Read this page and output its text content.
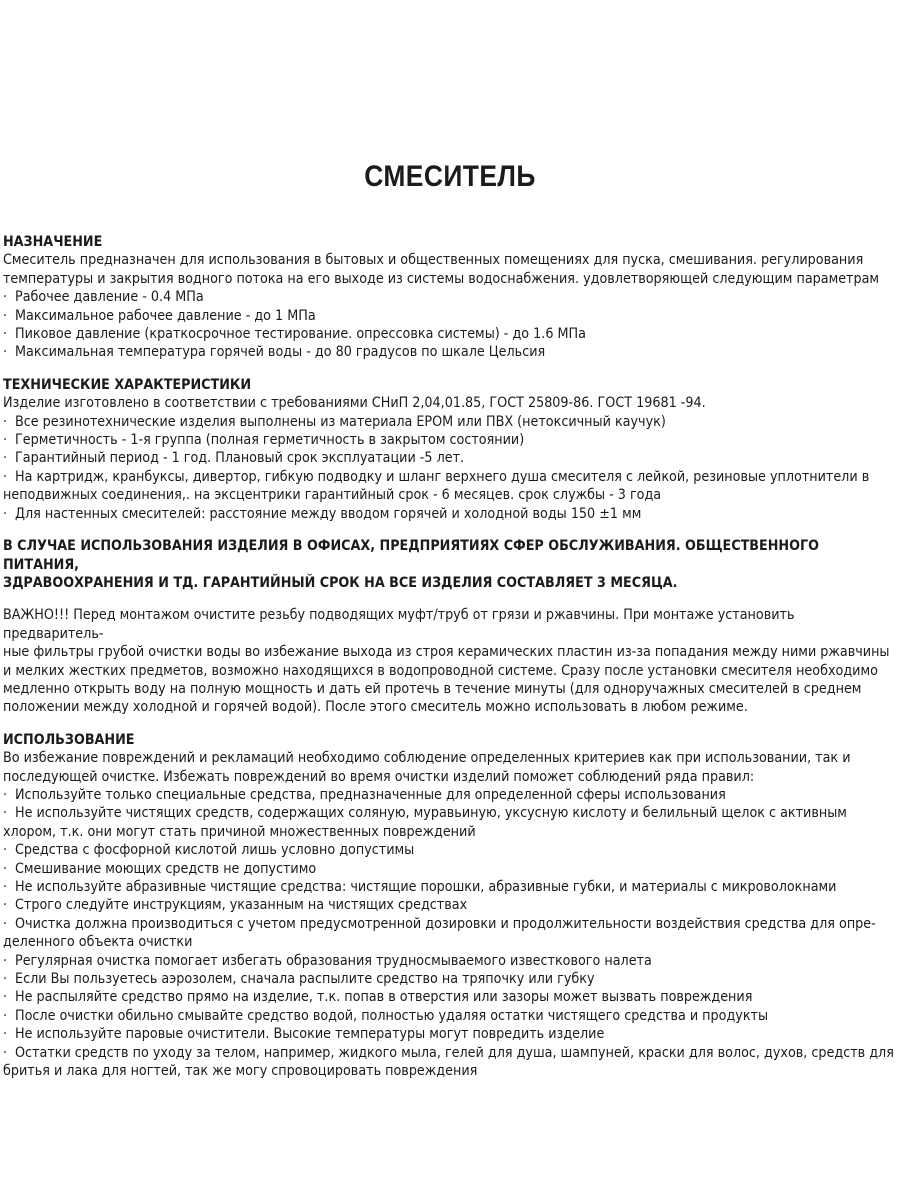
СМЕСИТЕЛЬ

НАЗНАЧЕНИЕ

Смеситель предназначен для использования в бытовых и общественных помещениях для пуска, смешивания. регулирования

температуры и закрытия водного потока на его выходе из системы водоснабжения. удовлетворяющей следующим параметрам

· Рабочее давление - 0.4 МПа

· Максимальное рабочее давление - до 1 МПа

· Пиковое давление (краткосрочное тестирование. опрессовка системы) - до 1.6 МПа

· Максимальная температура горячей воды - до 80 градусов по шкале Цельсия

ТЕХНИЧЕСКИЕ ХАРАКТЕРИСТИКИ

Изделие изготовлено в соответствии с требованиями СНиП 2,04,01.85, ГОСТ 25809-86. ГОСТ 19681 -94.

· Все резинотехнические изделия выполнены из материала ЕРОМ или ПВХ (нетоксичный каучук)

· Герметичность - 1-я группа (полная герметичность в закрытом состоянии)

· Гарантийный период - 1 год. Плановый срок эксплуатации -5 лет.

· На картридж, кранбуксы, дивертор, гибкую подводку и шланг верхнего душа смесителя с лейкой, резиновые уплотнители в

неподвижных соединения,. на эксцентрики гарантийный срок - 6 месяцев. срок службы - 3 года

· Для настенных смесителей: расстояние между вводом горячей и холодной воды 150 ±1 мм

В СЛУЧАЕ ИСПОЛЬЗОВАНИЯ ИЗДЕЛИЯ В ОФИСАХ, ПРЕДПРИЯТИЯХ СФЕР ОБСЛУЖИВАНИЯ. ОБЩЕСТВЕННОГО ПИТАНИЯ,

ЗДРАВООХРАНЕНИЯ И ТД. ГАРАНТИЙНЫЙ СРОК НА ВСЕ ИЗДЕЛИЯ СОСТАВЛЯЕТ 3 МЕСЯЦА.

ВАЖНО!!! Перед монтажом очистите резьбу подводящих муфт/труб от грязи и ржавчины. При монтаже установить предваритель-

ные фильтры грубой очистки воды во избежание выхода из строя керамических пластин из-за попадания между ними ржавчины

и мелких жестких предметов, возможно находящихся в водопроводной системе. Сразу после установки смесителя необходимо

медленно открыть воду на полную мощность и дать ей протечь в течение минуты (для одноручажных смесителей в среднем

положении между холодной и горячей водой). После этого смеситель можно использовать в любом режиме.

ИСПОЛЬЗОВАНИЕ

Во избежание повреждений и рекламаций необходимо соблюдение определенных критериев как при использовании, так и

последующей очистке. Избежать повреждений во время очистки изделий поможет соблюдений ряда правил:

· Используйте только специальные средства, предназначенные для определенной сферы использования

· Не используйте чистящих средств, содержащих соляную, муравьиную, уксусную кислоту и белильный щелок с активным

хлором, т.к. они могут стать причиной множественных повреждений

· Средства с фосфорной кислотой лишь условно допустимы

· Смешивание моющих средств не допустимо

· Не используйте абразивные чистящие средства: чистящие порошки, абразивные губки, и материалы с микроволокнами

· Строго следуйте инструкциям, указанным на чистящих средствах

· Очистка должна производиться с учетом предусмотренной дозировки и продолжительности воздействия средства для опре-

деленного объекта очистки

· Регулярная очистка помогает избегать образования трудносмываемого известкового налета

· Если Вы пользуетесь аэрозолем, сначала распылите средство на тряпочку или губку

· Не распыляйте средство прямо на изделие, т.к. попав в отверстия или зазоры может вызвать повреждения

· После очистки обильно смывайте средство водой, полностью удаляя остатки чистящего средства и продукты

· Не используйте паровые очистители. Высокие температуры могут повредить изделие

· Остатки средств по уходу за телом, например, жидкого мыла, гелей для душа, шампуней, краски для волос, духов, средств для

бритья и лака для ногтей, так же могу спровоцировать повреждения
